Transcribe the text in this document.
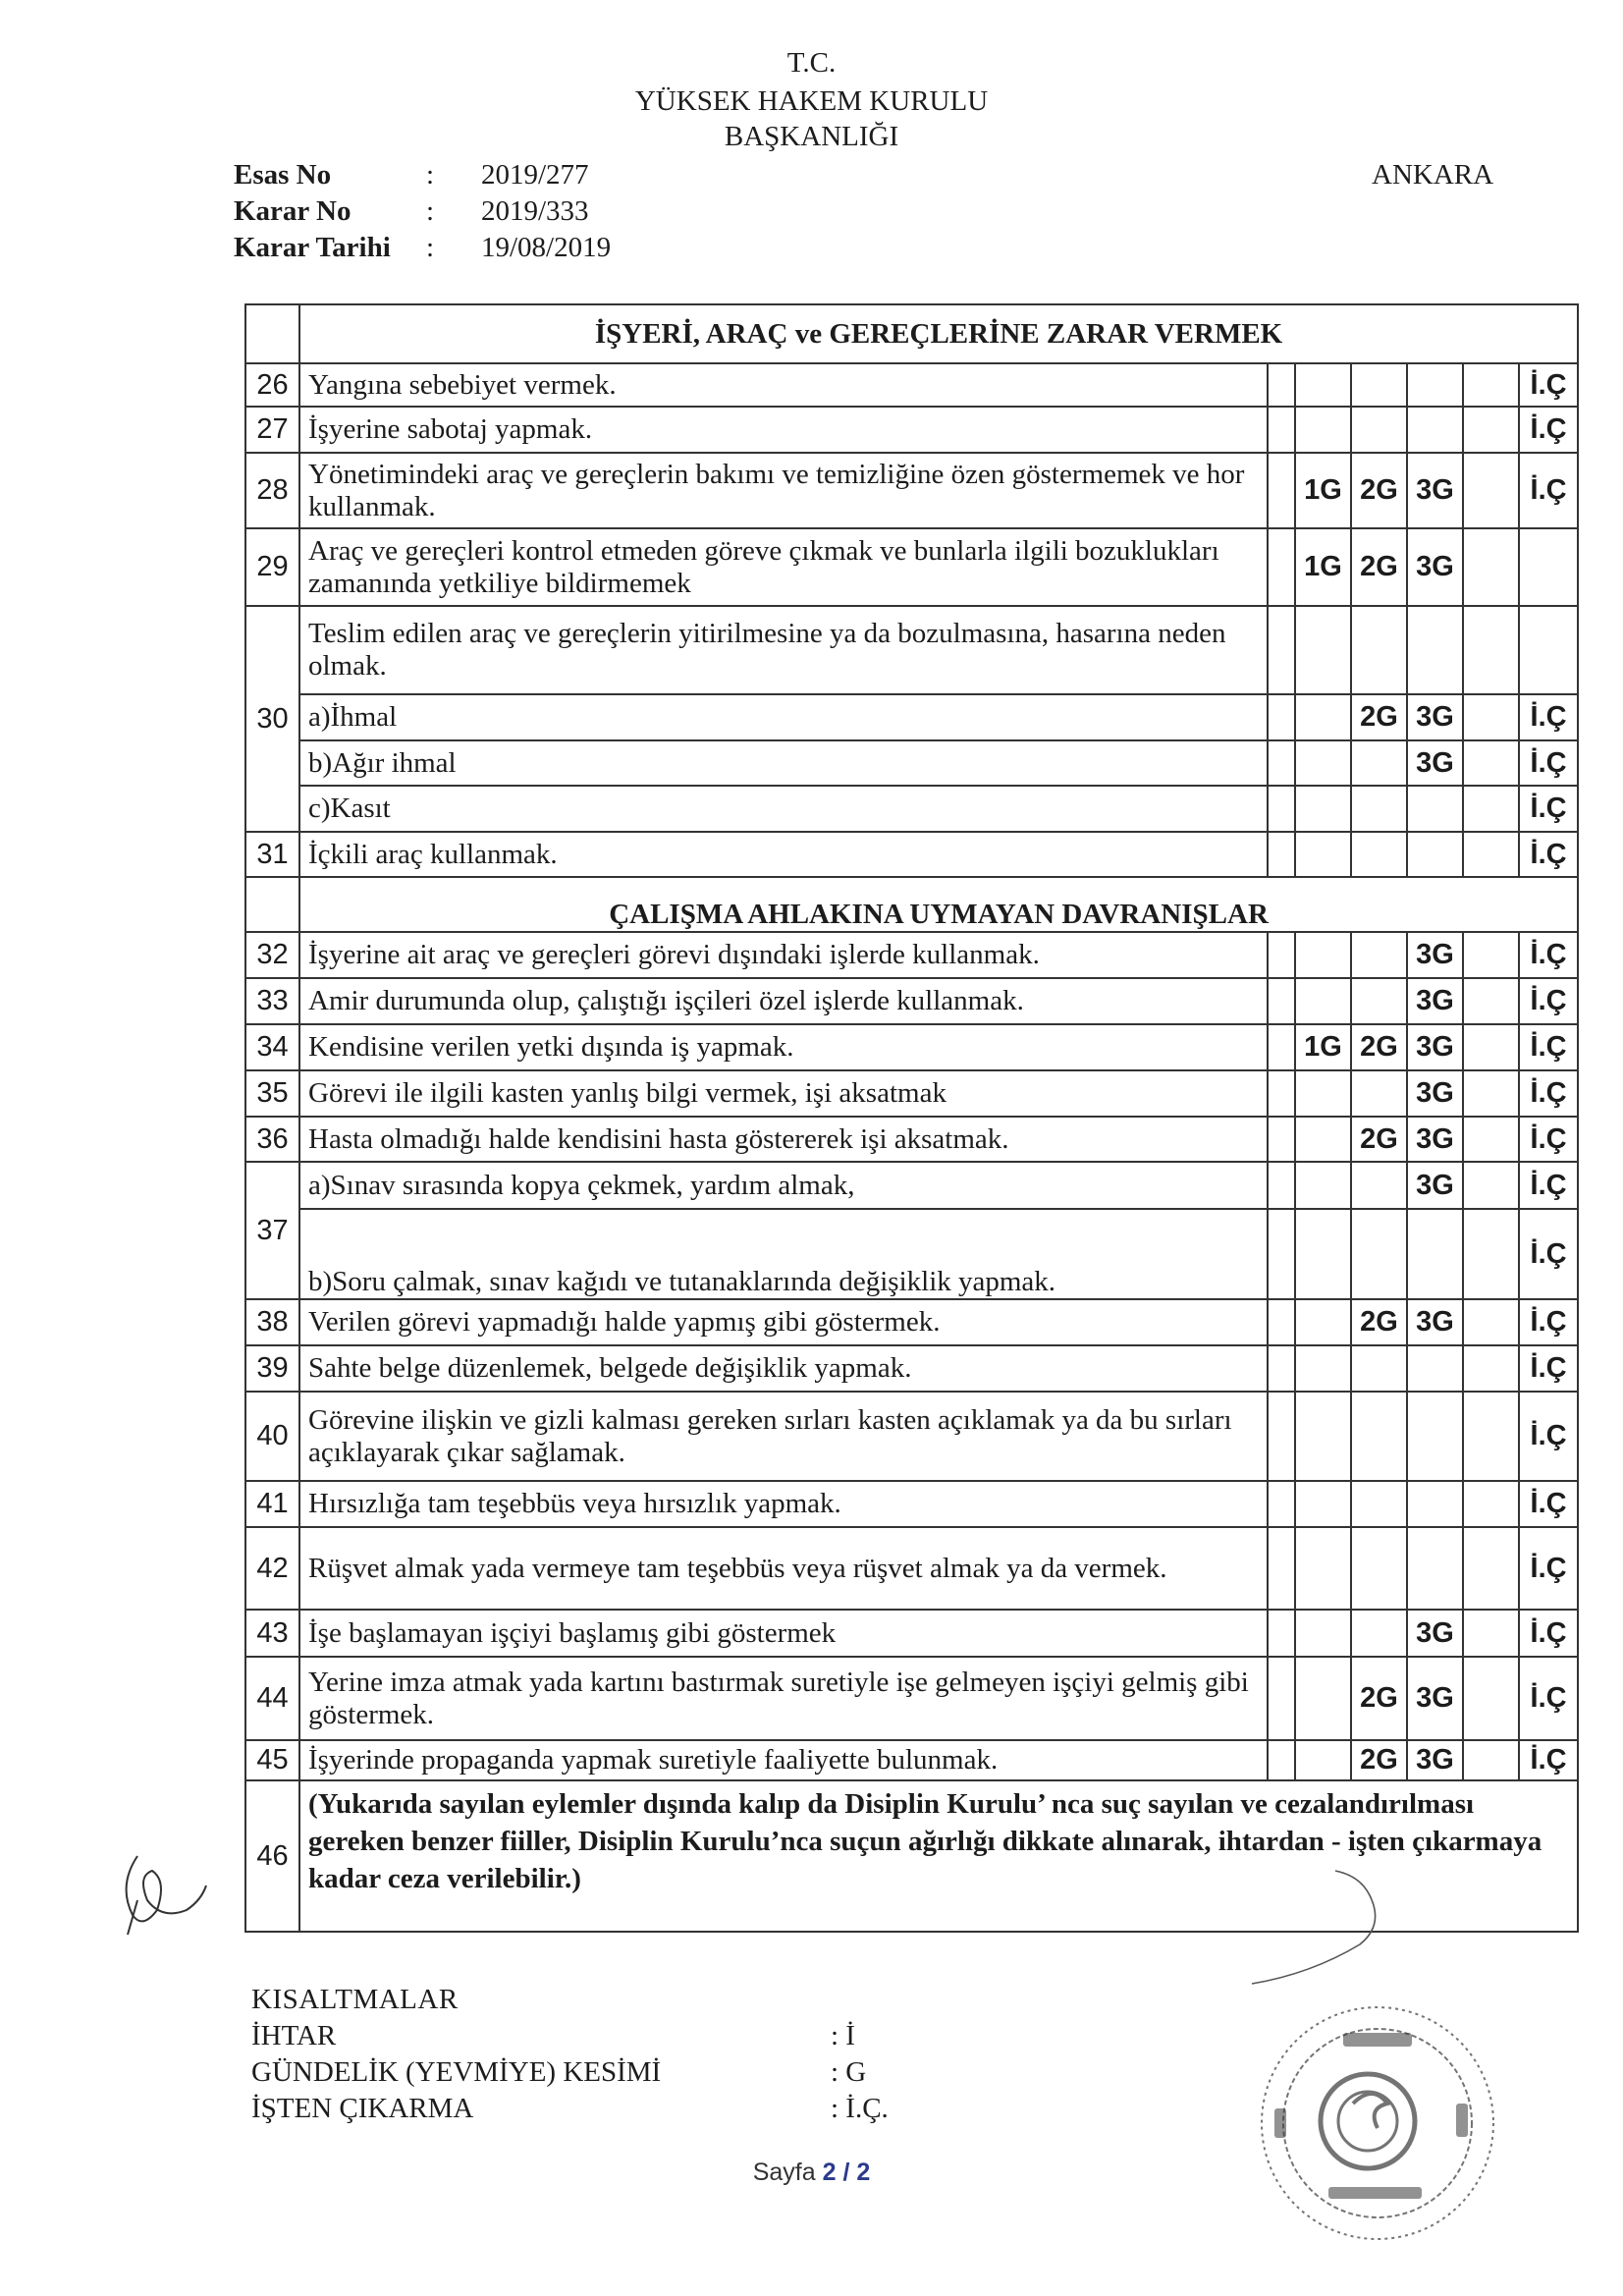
T.C.
YÜKSEK HAKEM KURULU
BAŞKANLIĞI
Esas No	:	2019/277
Karar No	:	2019/333
Karar Tarihi	:	19/08/2019
ANKARA
	İŞYERİ, ARAÇ ve GEREÇLERİNE ZARAR VERMEK						
26	Yangına sebebiyet vermek.						İ.Ç
27	İşyerine sabotaj yapmak.						İ.Ç
28	Yönetimindeki araç ve gereçlerin bakımı ve temizliğine özen göstermemek ve hor kullanmak.		1G	2G	3G		İ.Ç
29	Araç ve gereçleri kontrol etmeden göreve çıkmak ve bunlarla ilgili bozuklukları zamanında yetkiliye bildirmemek		1G	2G	3G		
30	Teslim edilen araç ve gereçlerin yitirilmesine ya da bozulmasına, hasarına neden olmak.						
	a)İhmal			2G	3G		İ.Ç
	b)Ağır ihmal				3G		İ.Ç
	c)Kasıt						İ.Ç
31	İçkili araç kullanmak.						İ.Ç
	ÇALIŞMA AHLAKINA UYMAYAN DAVRANIŞLAR						
32	İşyerine ait araç ve gereçleri görevi dışındaki işlerde kullanmak.				3G		İ.Ç
33	Amir durumunda olup, çalıştığı işçileri özel işlerde kullanmak.				3G		İ.Ç
34	Kendisine verilen yetki dışında iş yapmak.		1G	2G	3G		İ.Ç
35	Görevi ile ilgili kasten yanlış bilgi vermek, işi aksatmak				3G		İ.Ç
36	Hasta olmadığı halde kendisini hasta göstererek işi aksatmak.			2G	3G		İ.Ç
37	a)Sınav sırasında kopya çekmek, yardım almak,				3G		İ.Ç
	b)Soru çalmak, sınav kağıdı ve tutanaklarında değişiklik yapmak.						İ.Ç
38	Verilen görevi yapmadığı halde yapmış gibi göstermek.			2G	3G		İ.Ç
39	Sahte belge düzenlemek, belgede değişiklik yapmak.						İ.Ç
40	Görevine ilişkin ve gizli kalması gereken sırları kasten açıklamak ya da bu sırları açıklayarak çıkar sağlamak.						İ.Ç
41	Hırsızlığa tam teşebbüs veya hırsızlık yapmak.						İ.Ç
42	Rüşvet almak yada vermeye tam teşebbüs veya rüşvet almak ya da vermek.						İ.Ç
43	İşe başlamayan işçiyi başlamış gibi göstermek				3G		İ.Ç
44	Yerine imza atmak yada kartını bastırmak suretiyle işe gelmeyen işçiyi gelmiş gibi göstermek.			2G	3G		İ.Ç
45	İşyerinde propaganda yapmak suretiyle faaliyette bulunmak.			2G	3G		İ.Ç
46	(Yukarıda sayılan eylemler dışında kalıp da Disiplin Kurulu’ nca suç sayılan ve cezalandırılması gereken benzer fiiller, Disiplin Kurulu’nca suçun ağırlığı dikkate alınarak, ihtardan - işten çıkarmaya kadar ceza verilebilir.)						
KISALTMALAR
İHTAR	: İ
GÜNDELİK (YEVMİYE) KESİMİ	: G
İŞTEN ÇIKARMA	: İ.Ç.
Sayfa 2 / 2
